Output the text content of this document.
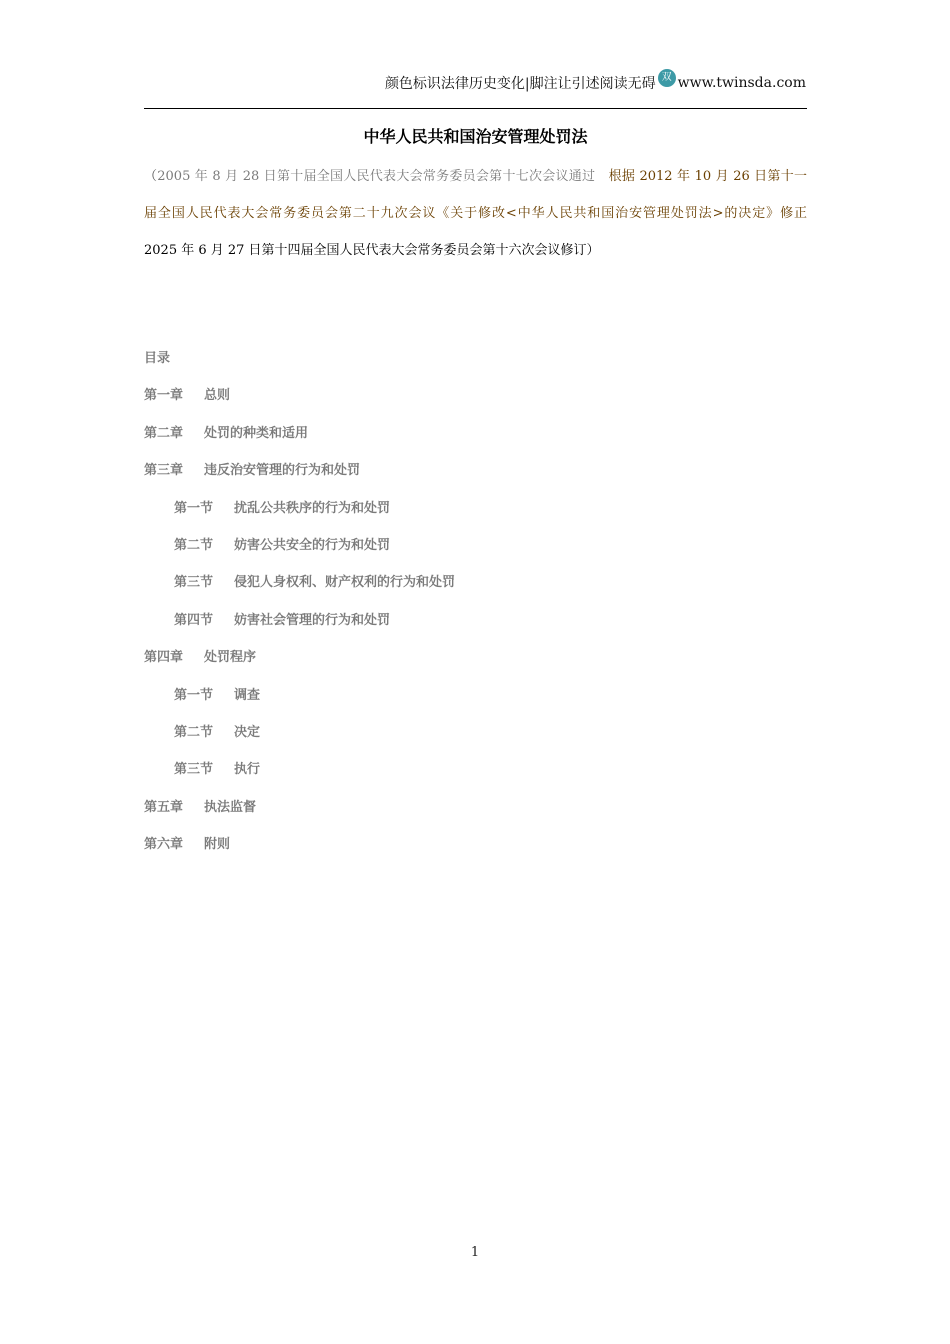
颜色标识法律历史变化|脚注让引述阅读无碍 双 www.twinsda.com
中华人民共和国治安管理处罚法
（2005 年 8 月 28 日第十届全国人民代表大会常务委员会第十七次会议通过　 根据 2012 年 10 月 26 日第十一届全国人民代表大会常务委员会第二十九次会议《关于修改<中华人民共和国治安管理处罚法>的决定》修正　2025 年 6 月 27 日第十四届全国人民代表大会常务委员会第十六次会议修订）
目录
第一章 总则
第二章 处罚的种类和适用
第三章 违反治安管理的行为和处罚
第一节 扰乱公共秩序的行为和处罚
第二节 妨害公共安全的行为和处罚
第三节 侵犯人身权利、财产权利的行为和处罚
第四节 妨害社会管理的行为和处罚
第四章 处罚程序
第一节 调查
第二节 决定
第三节 执行
第五章 执法监督
第六章 附则
1
